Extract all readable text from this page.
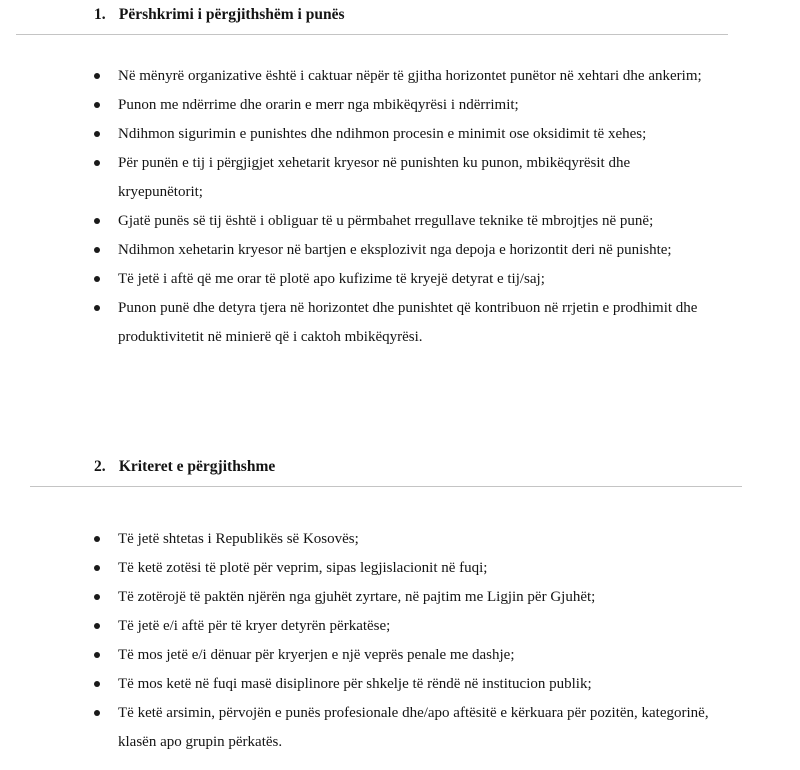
1. Përshkrimi i përgjithshëm i punës
Në mënyrë organizative është i caktuar nëpër të gjitha horizontet punëtor në xehtari dhe ankerim;
Punon me ndërrime dhe orarin e merr nga mbikëqyrësi i ndërrimit;
Ndihmon sigurimin e punishtes dhe ndihmon procesin e minimit ose oksidimit të xehes;
Për punën e tij i përgjigjet xehetarit kryesor në punishten ku punon, mbikëqyrësit dhe kryepunëtorit;
Gjatë punës së tij është i obliguar të u përmbahet rregullave teknike të mbrojtjes në punë;
Ndihmon xehetarin kryesor në bartjen e eksplozivit nga depoja e horizontit deri në punishte;
Të jetë i aftë që me orar të plotë apo kufizime të kryejë detyrat e tij/saj;
Punon punë dhe detyra tjera në horizontet dhe punishtet që kontribuon në rrjetin e prodhimit dhe produktivitetit në minierë që i caktoh mbikëqyrësi.
2. Kriteret e përgjithshme
Të jetë shtetas i Republikës së Kosovës;
Të ketë zotësi të plotë për veprim, sipas legjislacionit në fuqi;
Të zotërojë të paktën njërën nga gjuhët zyrtare, në pajtim me Ligjin për Gjuhët;
Të jetë e/i aftë për të kryer detyrën përkatëse;
Të mos jetë e/i dënuar për kryerjen e një veprës penale me dashje;
Të mos ketë në fuqi masë disiplinore për shkelje të rëndë në institucion publik;
Të ketë arsimin, përvojën e punës profesionale dhe/apo aftësitë e kërkuara për pozitën, kategorinë, klasën apo grupin përkatës.
